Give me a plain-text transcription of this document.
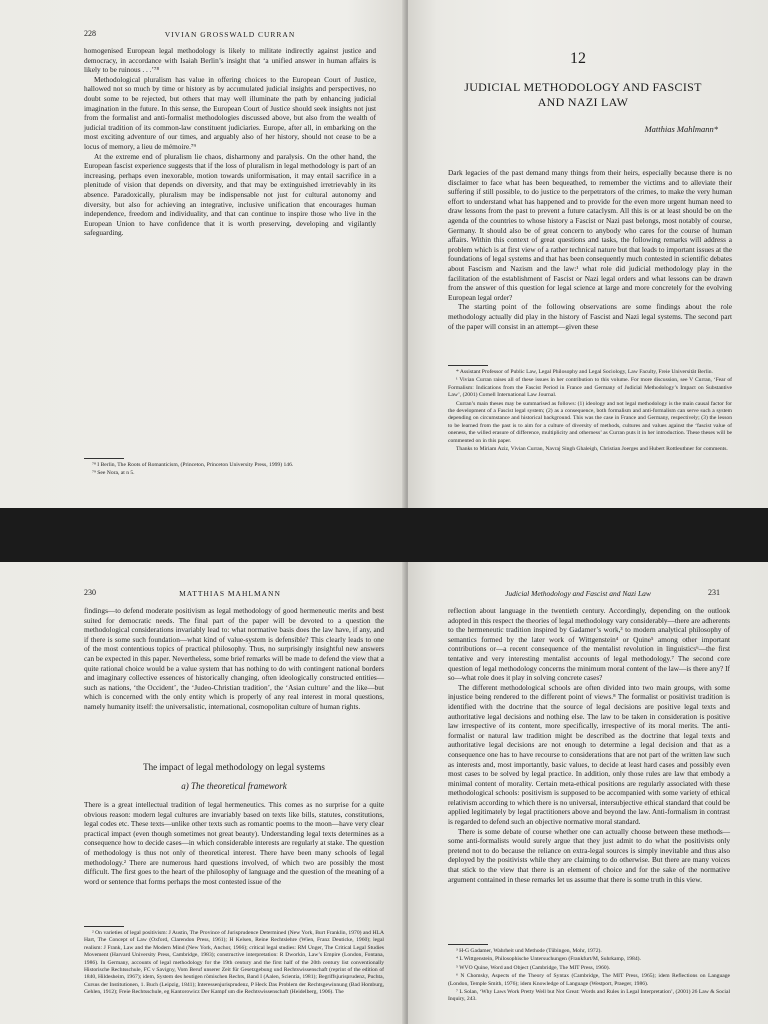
228	VIVIAN GROSSWALD CURRAN

homogenised European legal methodology is likely to militate indirectly against justice and democracy, in accordance with Isaiah Berlin’s insight that ‘a unified answer in human affairs is likely to be ruinous . . .’⁷⁸

Methodological pluralism has value in offering choices to the European Court of Justice, hallowed not so much by time or history as by accumulated judicial insights and perspectives, no doubt some to be rejected, but others that may well illuminate the path by enhancing judicial imagination in the future. In this sense, the European Court of Justice should seek insights not just from the formalist and anti-formalist methodologies discussed above, but also from the wealth of judicial tradition of its common-law constituent judiciaries. Europe, after all, in embarking on the most exciting adventure of our times, and arguably also of her history, should not cease to be a locus of memory, a lieu de mémoire.⁷⁹

At the extreme end of pluralism lie chaos, disharmony and paralysis. On the other hand, the European fascist experience suggests that if the loss of pluralism in legal methodology is part of an increasing, perhaps even inexorable, motion towards uniformisation, it may entail sacrifice in a plenitude of vision that depends on diversity, and that may be extinguished irretrievably in its absence. Paradoxically, pluralism may be indispensable not just for cultural autonomy and diversity, but also for achieving an integrative, inclusive unification that encourages human independence, freedom and individuality, and that can continue to inspire those who live in the European Union to have confidence that it is worth preserving, developing and vigilantly safeguarding.

⁷⁸ I Berlin, The Roots of Romanticism, (Princeton, Princeton University Press, 1999) 146.

⁷⁹ See Nora, at n 5.

12
JUDICIAL METHODOLOGY AND FASCIST
AND NAZI LAW
Matthias Mahlmann*

Dark legacies of the past demand many things from their heirs, especially because there is no disclaimer to face what has been bequeathed, to remember the victims and to alleviate their suffering if still possible, to do justice to the perpetrators of the crimes, to make the very human effort to understand what has happened and to provide for the even more urgent human need to draw lessons from the past to prevent a future cataclysm. All this is or at least should be on the agenda of the countries to whose history a Fascist or Nazi past belongs, most notably of course, Germany. It should also be of great concern to anybody who cares for the course of human affairs. Within this context of great questions and tasks, the following remarks will address a problem which is at first view of a rather technical nature but that leads to important issues at the foundations of legal systems and that has been consequently much contested in scientific debates about Fascism and Nazism and the law:¹ what role did judicial methodology play in the facilitation of the establishment of Fascist or Nazi legal orders and what lessons can be drawn from the answer of this question for legal science at large and more concretely for the evolving European legal order?

The starting point of the following observations are some findings about the role methodology actually did play in the history of Fascist and Nazi legal systems. The second part of the paper will consist in an attempt—given these

* Assistant Professor of Public Law, Legal Philosophy and Legal Sociology, Law Faculty, Freie Universität Berlin.

¹ Vivian Curran raises all of these issues in her contribution to this volume. For more discussion, see V Curran, ‘Fear of Formalism: Indications from the Fascist Period in France and Germany of Judicial Methodology’s Impact on Substantive Law’, (2001) Cornell International Law Journal.

Curran’s main theses may be summarised as follows: (1) ideology and not legal methodology is the main causal factor for the development of a Fascist legal system; (2) as a consequence, both formalism and anti-formalism can serve such a system depending on circumstance and historical background. This was the case in France and Germany, respectively; (3) the lesson to be learned from the past is to aim for a culture of diversity of methods, cultures and values against the ‘fascist value of oneness, the willed erasure of difference, multiplicity and otherness’ as Curran puts it in her introduction. These theses will be commented on in this paper.

Thanks to Miriam Aziz, Vivian Curran, Navraj Singh Ghaleigh, Christian Joerges and Hubert Rottleuthner for comments.

230	MATTHIAS MAHLMANN

findings—to defend moderate positivism as legal methodology of good hermeneutic merits and best suited for democratic needs. The final part of the paper will be devoted to a question the methodological considerations invariably lead to: what normative basis does the law have, if any, and if there is some such foundation—what kind of value-system is defensible? This clearly leads to one of the most contentious topics of practical philosophy. Thus, no surprisingly insightful new answers can be expected in this paper. Nevertheless, some brief remarks will be made to defend the view that a quite rational choice would be a value system that has nothing to do with contingent national borders and imaginary collective essences of historically changing, often ideologically constructed entities—such as nations, ‘the Occident’, the ‘Judeo-Christian tradition’, the ‘Asian culture’ and the like—but which is concerned with the only entity which is properly of any real interest in moral questions, namely humanity itself: the universalistic, international, cosmopolitan culture of human rights.

The impact of legal methodology on legal systems
a) The theoretical framework

There is a great intellectual tradition of legal hermeneutics. This comes as no surprise for a quite obvious reason: modern legal cultures are invariably based on texts like bills, statutes, constitutions, legal codes etc. These texts—unlike other texts such as romantic poems to the moon—have very clear practical impact (even though sometimes not great beauty). Understanding legal texts determines as a consequence how to decide cases—in which considerable interests are regularly at stake. The question of methodology is thus not only of theoretical interest. There have been many schools of legal methodology.² There are numerous hard questions involved, of which two are possibly the most difficult. The first goes to the heart of the philosophy of language and the question of the meaning of a word or sentence that forms perhaps the most contested issue of the

² On varieties of legal positivism: J Austin, The Province of Jurisprudence Determined (New York, Burt Franklin, 1970) and HLA Hart, The Concept of Law (Oxford, Clarendon Press, 1961); H Kelsen, Reine Rechtslehre (Wien, Franz Deuticke, 1960); legal realism: J Frank, Law and the Modern Mind (New York, Anchor, 1966); critical legal studies: RM Unger, The Critical Legal Studies Movement (Harvard University Press, Cambridge, 1983); constructive interpretation: R Dworkin, Law’s Empire (London, Fontana, 1986). In Germany, accounts of legal methodology for the 19th century and the first half of the 20th century list conventionally Historische Rechtsschule, FC v Savigny, Vom Beruf unserer Zeit für Gesetzgebung und Rechtswissenschaft (reprint of the edition of 1840, Hildesheim, 1967); idem, System des heutigen römischen Rechts, Band I (Aalen, Scientia, 1981); Begriffsjurisprudenz, Puchta, Cursus der Institutionen, 1. Buch (Leipzig, 1841); Interessenjurisprudenz, P Heck Das Problem der Rechtsgewinnung (Bad Homburg, Gehlen, 1912); Freie Rechtsschule, eg Kantorowicz Der Kampf um die Rechtswissenschaft (Heidelberg, 1906). The

Judicial Methodology and Fascist and Nazi Law	231

reflection about language in the twentieth century. Accordingly, depending on the outlook adopted in this respect the theories of legal methodology vary considerably—there are adherents to the hermeneutic tradition inspired by Gadamer’s work,³ to modern analytical philosophy of semantics formed by the later work of Wittgenstein⁴ or Quine⁵ among other important contributions or—a recent consequence of the mentalist revolution in linguistics⁶—the first tentative and very interesting mentalist accounts of legal methodology.⁷ The second core question of legal methodology concerns the minimum moral content of the law—is there any? If so—what role does it play in solving concrete cases?

The different methodological schools are often divided into two main groups, with some injustice being rendered to the different point of views.⁸ The formalist or positivist tradition is identified with the doctrine that the source of legal decisions are positive legal texts and authoritative legal decisions and nothing else. The law to be taken in consideration is positive law irrespective of its content, more specifically, irrespective of its moral merits. The anti-formalist or natural law tradition might be described as the doctrine that legal texts and authoritative legal decisions are not enough to determine a legal decision and that as a consequence one has to have recourse to considerations that are not part of the written law such as interests and, most importantly, basic values, to decide at least hard cases and possibly even most cases to be solved by legal practice. In addition, only those rules are law that embody a minimal content of morality. Certain meta-ethical positions are regularly associated with these methodological schools: positivism is supposed to be accompanied with some variety of ethical relativism according to which there is no universal, intersubjective ethical standard that could be applied legitimately by legal practitioners above and beyond the law. Anti-formalism in contrast is regarded to defend such an objective normative moral standard.

There is some debate of course whether one can actually choose between these methods—some anti-formalists would surely argue that they just admit to do what the positivists only pretend not to do because the reliance on extra-legal sources is simply inevitable and thus also deployed by the positivists while they are claiming to do otherwise. But there are many voices that stick to the view that there is an element of choice and for the sake of the normative argument contained in these remarks let us assume that there is some truth in this view.

³ H-G Gadamer, Wahrheit und Methode (Tübingen, Mohr, 1972).

⁴ L Wittgenstein, Philosophische Untersuchungen (Frankfurt/M, Suhrkamp, 1984).

⁵ WVO Quine, Word and Object (Cambridge, The MIT Press, 1960).

⁶ N Chomsky, Aspects of the Theory of Syntax (Cambridge, The MIT Press, 1965); idem Reflections on Language (London, Temple Smith, 1976); idem Knowledge of Language (Westport, Praeger, 1986).

⁷ L Solan, ‘Why Laws Work Pretty Well but Not Great: Words and Rules in Legal Interpretation’, (2001) 26 Law & Social Inquiry, 243.
